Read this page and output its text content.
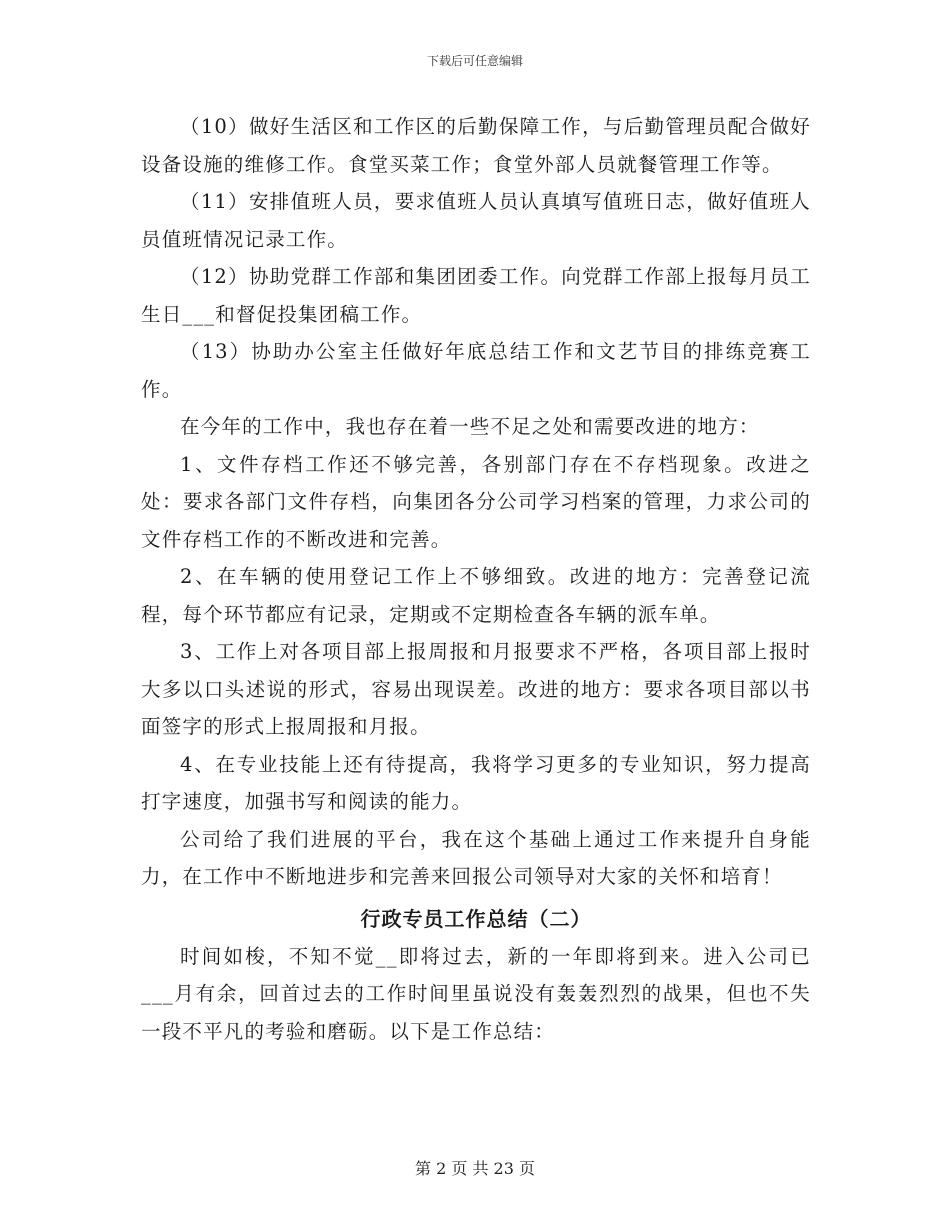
下载后可任意编辑

（10）做好生活区和工作区的后勤保障工作，与后勤管理员配合做好设备设施的维修工作。食堂买菜工作；食堂外部人员就餐管理工作等。

（11）安排值班人员，要求值班人员认真填写值班日志，做好值班人员值班情况记录工作。

（12）协助党群工作部和集团团委工作。向党群工作部上报每月员工生日___和督促投集团稿工作。

（13）协助办公室主任做好年底总结工作和文艺节目的排练竞赛工作。

在今年的工作中，我也存在着一些不足之处和需要改进的地方：

1、文件存档工作还不够完善，各别部门存在不存档现象。改进之处：要求各部门文件存档，向集团各分公司学习档案的管理，力求公司的文件存档工作的不断改进和完善。

2、在车辆的使用登记工作上不够细致。改进的地方：完善登记流程，每个环节都应有记录，定期或不定期检查各车辆的派车单。

3、工作上对各项目部上报周报和月报要求不严格，各项目部上报时大多以口头述说的形式，容易出现误差。改进的地方：要求各项目部以书面签字的形式上报周报和月报。

4、在专业技能上还有待提高，我将学习更多的专业知识，努力提高打字速度，加强书写和阅读的能力。

公司给了我们进展的平台，我在这个基础上通过工作来提升自身能力，在工作中不断地进步和完善来回报公司领导对大家的关怀和培育！

行政专员工作总结（二）

时间如梭，不知不觉__即将过去，新的一年即将到来。进入公司已___月有余，回首过去的工作时间里虽说没有轰轰烈烈的战果，但也不失一段不平凡的考验和磨砺。以下是工作总结：

第 2 页 共 23 页
